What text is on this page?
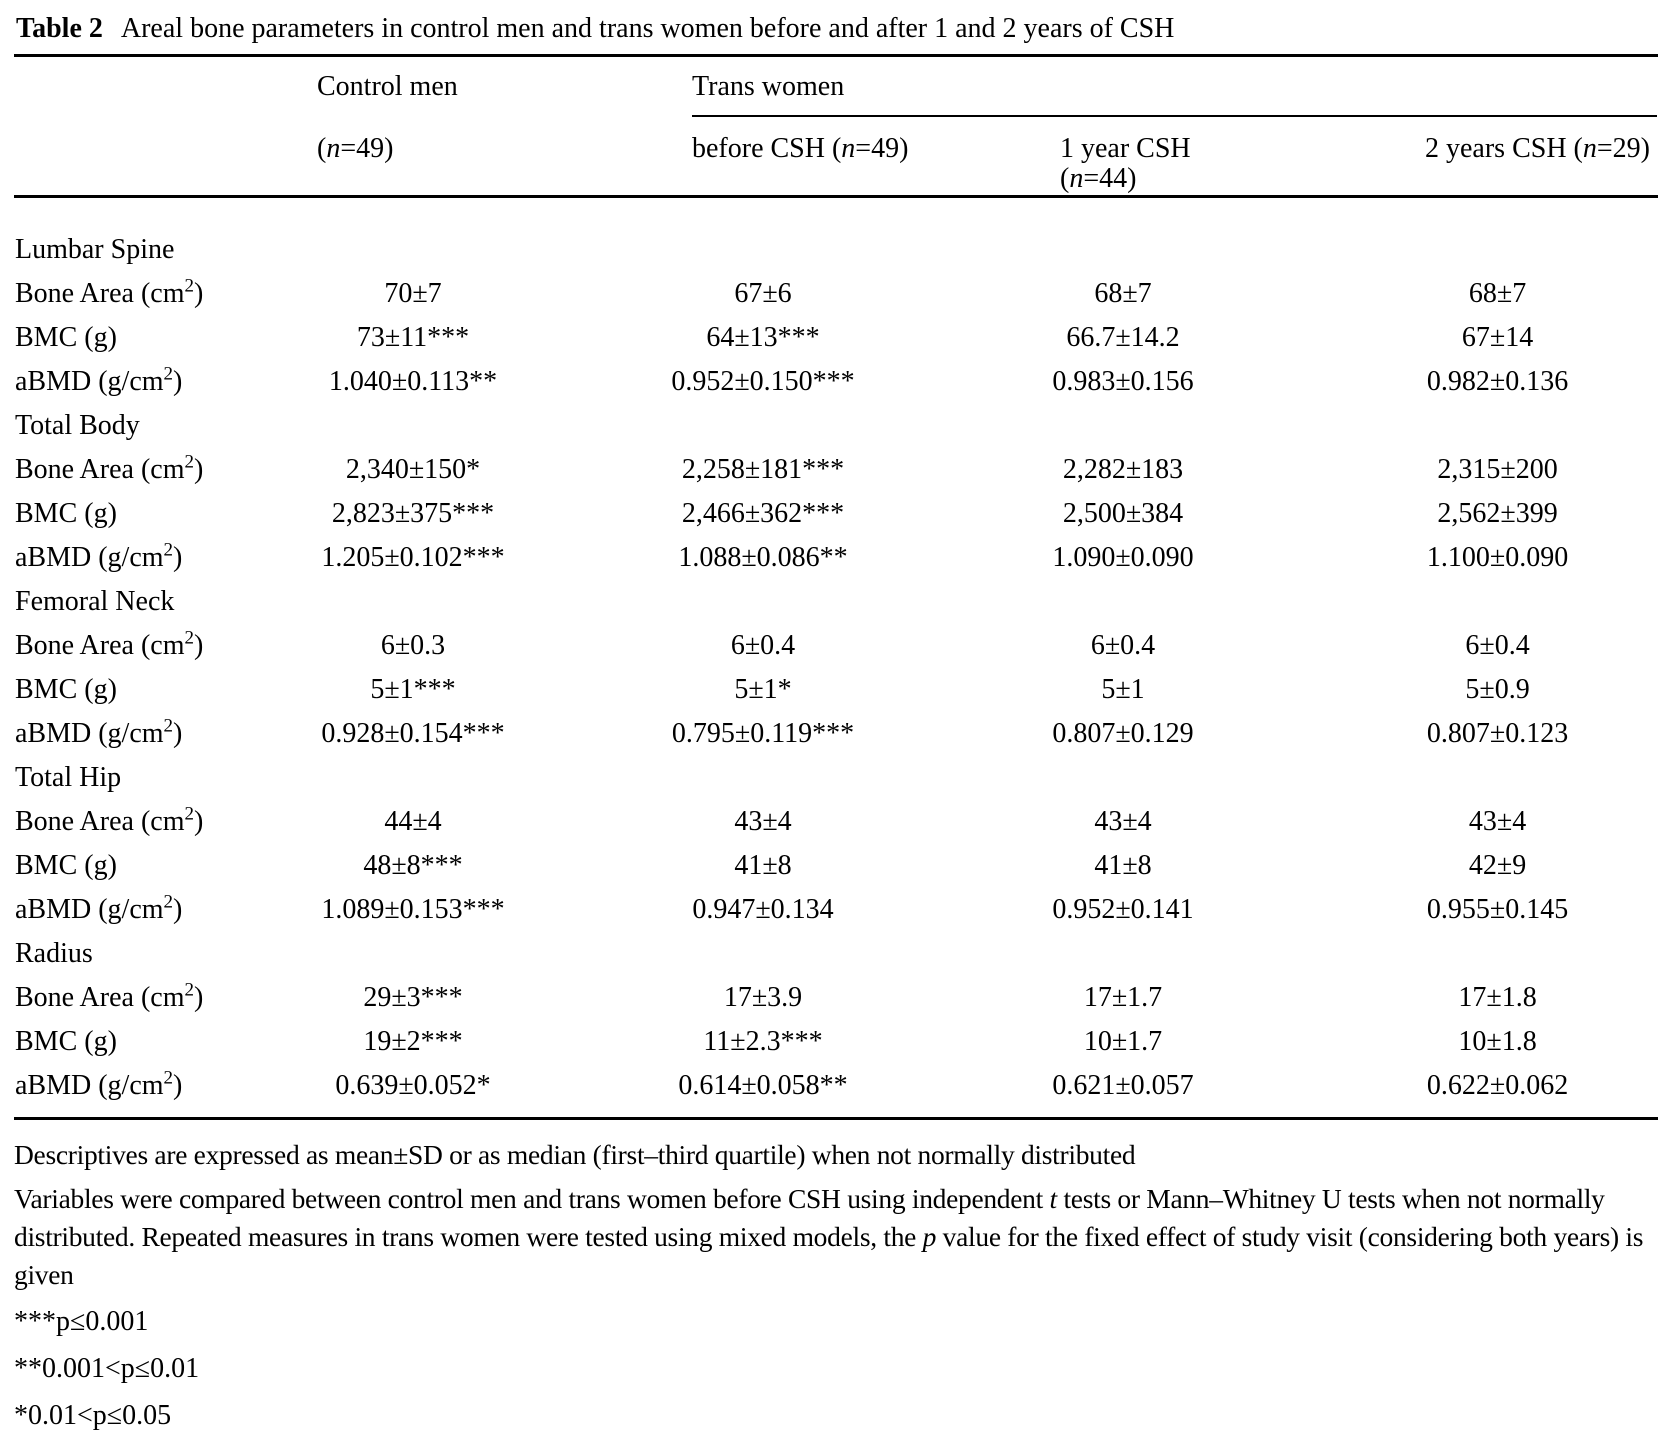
Table 2 Areal bone parameters in control men and trans women before and after 1 and 2 years of CSH
	Control men	Trans women		

	(n=49)	before CSH (n=49)	1 year CSH (n=44)	2 years CSH (n=29)

Lumbar Spine				
Bone Area $(cm^2)$	70±7	67±6	68±7	68±7
BMC (g)	73±11***	64±13***	66.7±14.2	67±14
aBMD $(g/cm^2)$	1.040±0.113**	0.952±0.150***	0.983±0.156	0.982±0.136
Total Body				
Bone Area $(cm^2)$	2,340±150*	2,258±181***	2,282±183	2,315±200
BMC (g)	2,823±375***	2,466±362***	2,500±384	2,562±399
aBMD $(g/cm^2)$	1.205±0.102***	1.088±0.086**	1.090±0.090	1.100±0.090
Femoral Neck				
Bone Area $(cm^2)$	6±0.3	6±0.4	6±0.4	6±0.4
BMC (g)	5±1***	5±1*	5±1	5±0.9
aBMD $(g/cm^2)$	0.928±0.154***	0.795±0.119***	0.807±0.129	0.807±0.123
Total Hip				
Bone Area $(cm^2)$	44±4	43±4	43±4	43±4
BMC (g)	48±8***	41±8	41±8	42±9
aBMD $(g/cm^2)$	1.089±0.153***	0.947±0.134	0.952±0.141	0.955±0.145
Radius				
Bone Area $(cm^2)$	29±3***	17±3.9	17±1.7	17±1.8
BMC (g)	19±2***	11±2.3***	10±1.7	10±1.8
aBMD $(g/cm^2)$	0.639±0.052*	0.614±0.058**	0.621±0.057	0.622±0.062
Descriptives are expressed as mean±SD or as median (first–third quartile) when not normally distributed
Variables were compared between control men and trans women before CSH using independent t tests or Mann–Whitney U tests when not normally distributed. Repeated measures in trans women were tested using mixed models, the p value for the fixed effect of study visit (considering both years) is given
***p≤0.001
**0.001<p≤0.01
*0.01<p≤0.05
